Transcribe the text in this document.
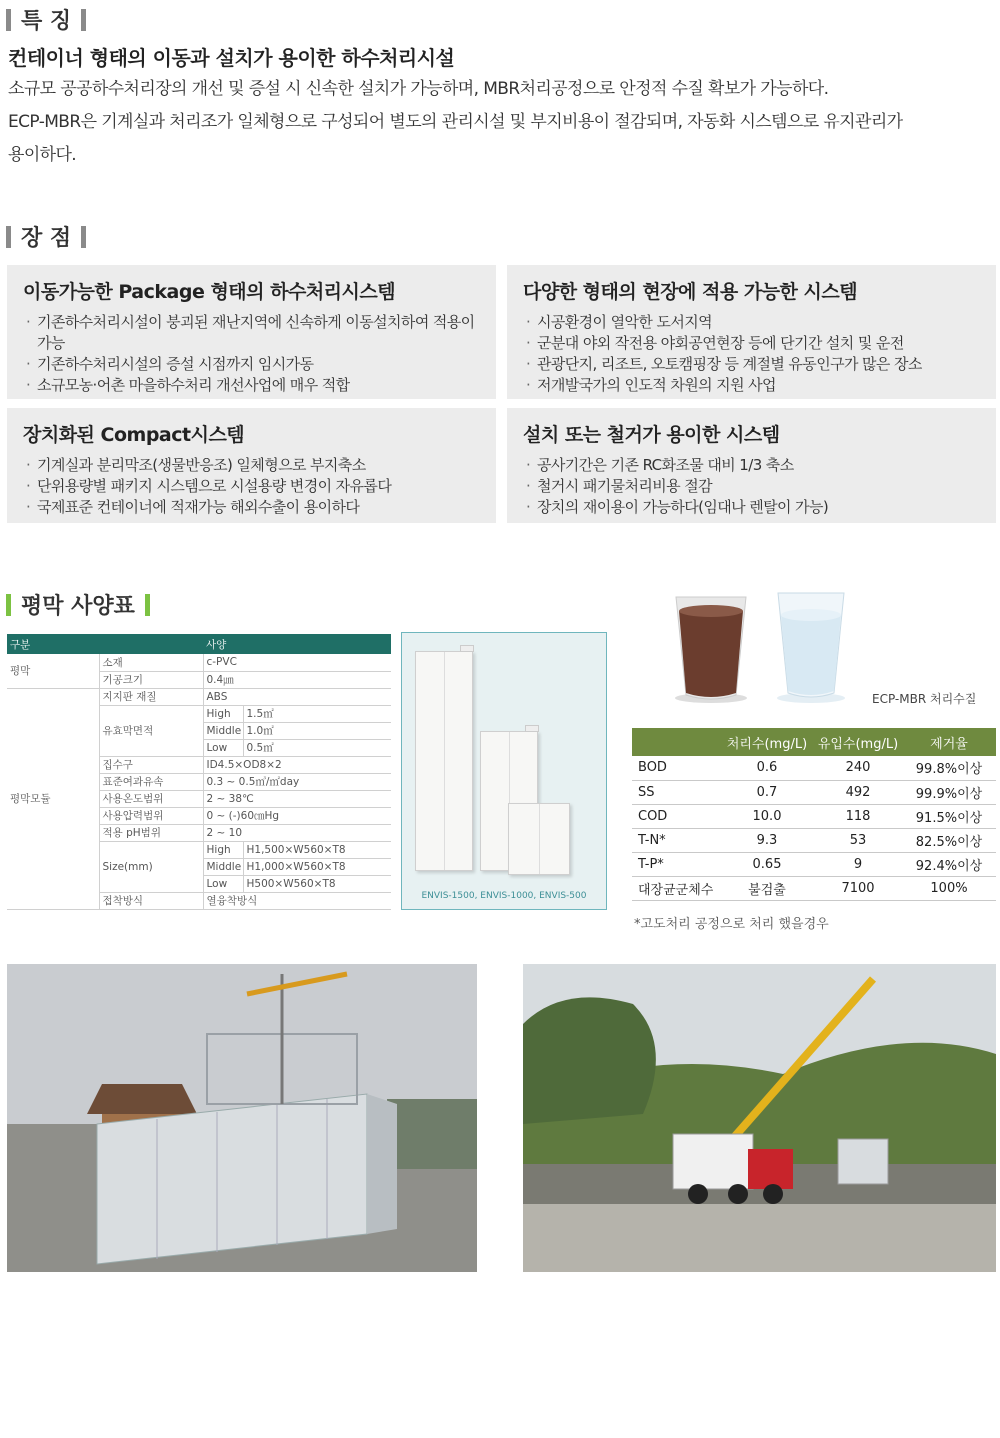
특 징
컨테이너 형태의 이동과 설치가 용이한 하수처리시설
소규모 공공하수처리장의 개선 및 증설 시 신속한 설치가 가능하며, MBR처리공정으로 안정적 수질 확보가 가능하다.
ECP-MBR은 기계실과 처리조가 일체형으로 구성되어 별도의 관리시설 및 부지비용이 절감되며, 자동화 시스템으로 유지관리가
용이하다.
장 점
이동가능한 Package 형태의 하수처리시스템
· 기존하수처리시설이 붕괴된 재난지역에 신속하게 이동설치하여 적용이 가능
· 기존하수처리시설의 증설 시점까지 임시가동
· 소규모농·어촌 마을하수처리 개선사업에 매우 적합
다양한 형태의 현장에 적용 가능한 시스템
· 시공환경이 열악한 도서지역
· 군분대 야외 작전용 야회공연현장 등에 단기간 설치 및 운전
· 관광단지, 리조트, 오토캠핑장 등 계절별 유동인구가 많은 장소
· 저개발국가의 인도적 차원의 지원 사업
장치화된 Compact시스템
· 기계실과 분리막조(생물반응조) 일체형으로 부지축소
· 단위용량별 패키지 시스템으로 시설용량 변경이 자유롭다
· 국제표준 컨테이너에 적재가능 해외수출이 용이하다
설치 또는 철거가 용이한 시스템
· 공사기간은 기존 RC화조물 대비 1/3 축소
· 철거시 패기물처리비용 절감
· 장치의 재이용이 가능하다(임대나 렌탈이 가능)
평막 사양표
구분		사양	
평막	소재	c-PVC	
	기공크기	0.4㎛	
평막모듈	지지판 재질	ABS	
	유효막면적	High	1.5㎡
		Middle	1.0㎡
		Low	0.5㎡
	집수구	ID4.5×OD8×2	
	표준여과유속	0.3 ~ 0.5㎥/㎡day	
	사용온도범위	2 ~ 38℃	
	사용압력범위	0 ~ (-)60㎝Hg	
	적용 pH범위	2 ~ 10	
	Size(mm)	High	H1,500×W560×T8
		Middle	H1,000×W560×T8
		Low	H500×W560×T8
	접착방식	열융착방식		ENVIS-1500, ENVIS-1000, ENVIS-500
ECP-MBR 처리수질
	처리수(mg/L)	유입수(mg/L)	제거율
BOD	0.6	240	99.8%이상
SS	0.7	492	99.9%이상
COD	10.0	118	91.5%이상
T-N*	9.3	53	82.5%이상
T-P*	0.65	9	92.4%이상
대장균군체수	불검출	7100	100%
*고도처리 공정으로 처리 했을경우
